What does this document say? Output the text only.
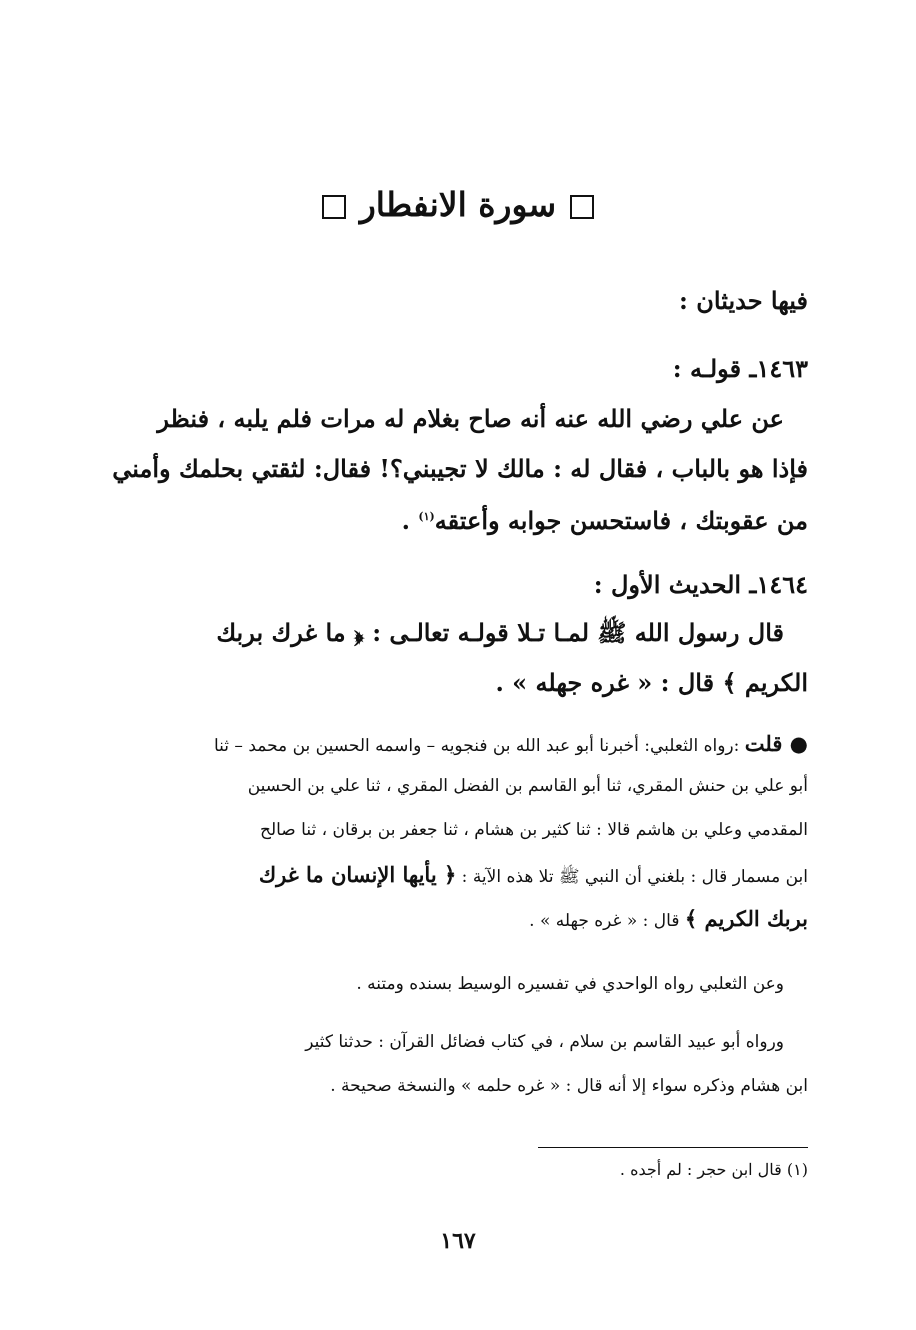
سورة الانفطار
فيها حديثان :
١٤٦٣ـ قولـه :
عن علي رضي الله عنه أنه صاح بغلام له مرات فلم يلبه ، فنظر
فإذا هو بالباب ، فقال له : مالك لا تجيبني؟! فقال: لثقتي بحلمك وأمني
من عقوبتك ، فاستحسن جوابه وأعتقه$^{(١)}$ .
١٤٦٤ـ الحديث الأول :
قال رسول الله ﷺ لمـا تـلا قولـه تعالـى : ﴿ ما غرك بربك
الكريم ﴾ قال : « غره جهله » .
● قلت :رواه الثعلبي: أخبرنا أبو عبد الله بن فنجويه – واسمه الحسين بن محمد – ثنا
أبو علي بن حنش المقري، ثنا أبو القاسم بن الفضل المقري ، ثنا علي بن الحسين
المقدمي وعلي بن هاشم قالا : ثنا كثير بن هشام ، ثنا جعفر بن برقان ، ثنا صالح
ابن مسمار قال : بلغني أن النبي ﷺ تلا هذه الآية : ﴿ يأيها الإنسان ما غرك
بربك الكريم ﴾ قال : « غره جهله » .
وعن الثعلبي رواه الواحدي في تفسيره الوسيط بسنده ومتنه .
ورواه أبو عبيد القاسم بن سلام ، في كتاب فضائل القرآن : حدثنا كثير
ابن هشام وذكره سواء إلا أنه قال : « غره حلمه » والنسخة صحيحة .
(١) قال ابن حجر : لم أجده .
١٦٧
